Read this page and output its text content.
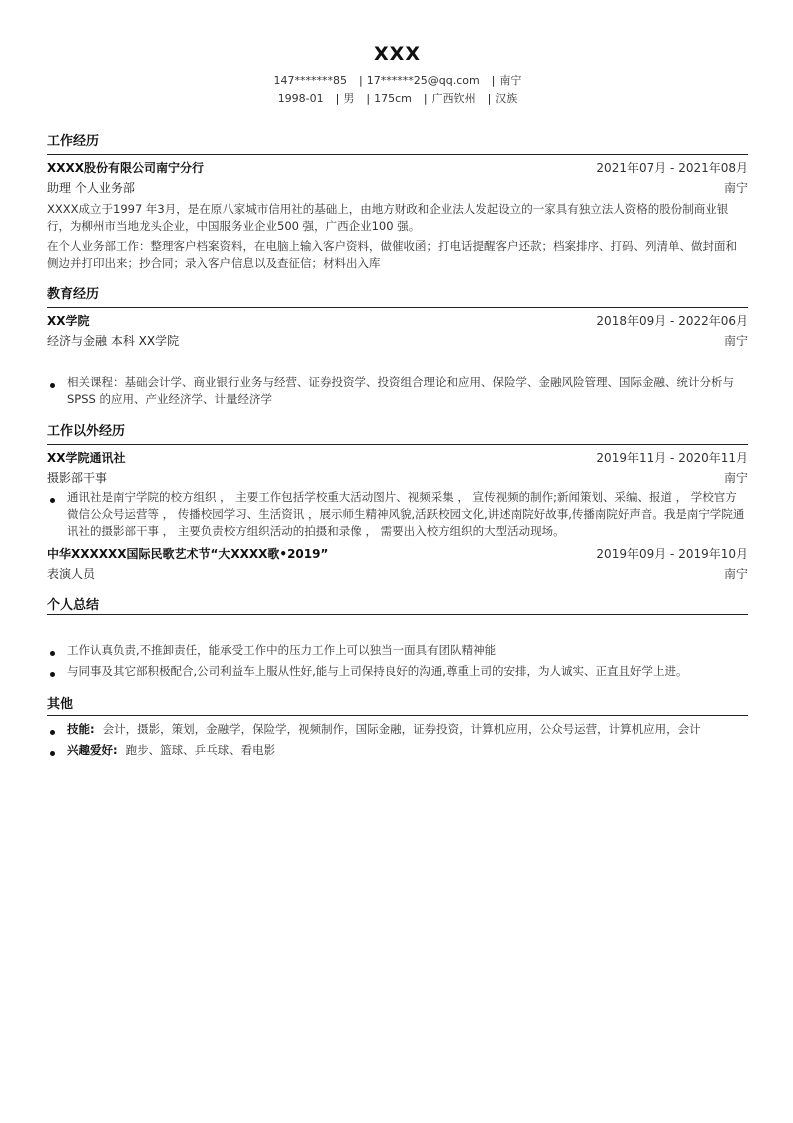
XXX
147*******85 | 17******25@qq.com | 南宁
1998-01 | 男 | 175cm | 广西钦州 | 汉族
工作经历
XXXX股份有限公司南宁分行	2021年07月 - 2021年08月
助理 个人业务部	南宁
XXXX成立于1997 年3月，是在原八家城市信用社的基础上，由地方财政和企业法人发起设立的一家具有独立法人资格的股份制商业银行，为柳州市当地龙头企业，中国服务业企业500 强，广西企业100 强。
在个人业务部工作：整理客户档案资料，在电脑上输入客户资料，做催收函；打电话提醒客户还款；档案排序、打码、列清单、做封面和侧边并打印出来；抄合同；录入客户信息以及查征信；材料出入库
教育经历
XX学院	2018年09月 - 2022年06月
经济与金融 本科 XX学院	南宁
相关课程：基础会计学、商业银行业务与经营、证券投资学、投资组合理论和应用、保险学、金融风险管理、国际金融、统计分析与SPSS 的应用、产业经济学、计量经济学
工作以外经历
XX学院通讯社	2019年11月 - 2020年11月
摄影部干事	南宁
通讯社是南宁学院的校方组织 ， 主要工作包括学校重大活动图片、视频采集 ， 宣传视频的制作;新闻策划、采编、报道 ， 学校官方微信公众号运营等 ， 传播校园学习、生活资讯 ，展示师生精神风貌,活跃校园文化,讲述南院好故事,传播南院好声音。我是南宁学院通讯社的摄影部干事 ， 主要负责校方组织活动的拍摄和录像 ， 需要出入校方组织的大型活动现场。
中华XXXXXX国际民歌艺术节“大XXXX歌•2019”	2019年09月 - 2019年10月
表演人员	南宁
个人总结
工作认真负责,不推卸责任，能承受工作中的压力工作上可以独当一面具有团队精神能
与同事及其它部积极配合,公司利益车上服从性好,能与上司保持良好的沟通,尊重上司的安排，为人诚实、正直且好学上进。
其他
技能: 会计，摄影，策划，金融学，保险学，视频制作，国际金融，证券投资，计算机应用，公众号运营，计算机应用，会计
兴趣爱好: 跑步、篮球、乒乓球、看电影
